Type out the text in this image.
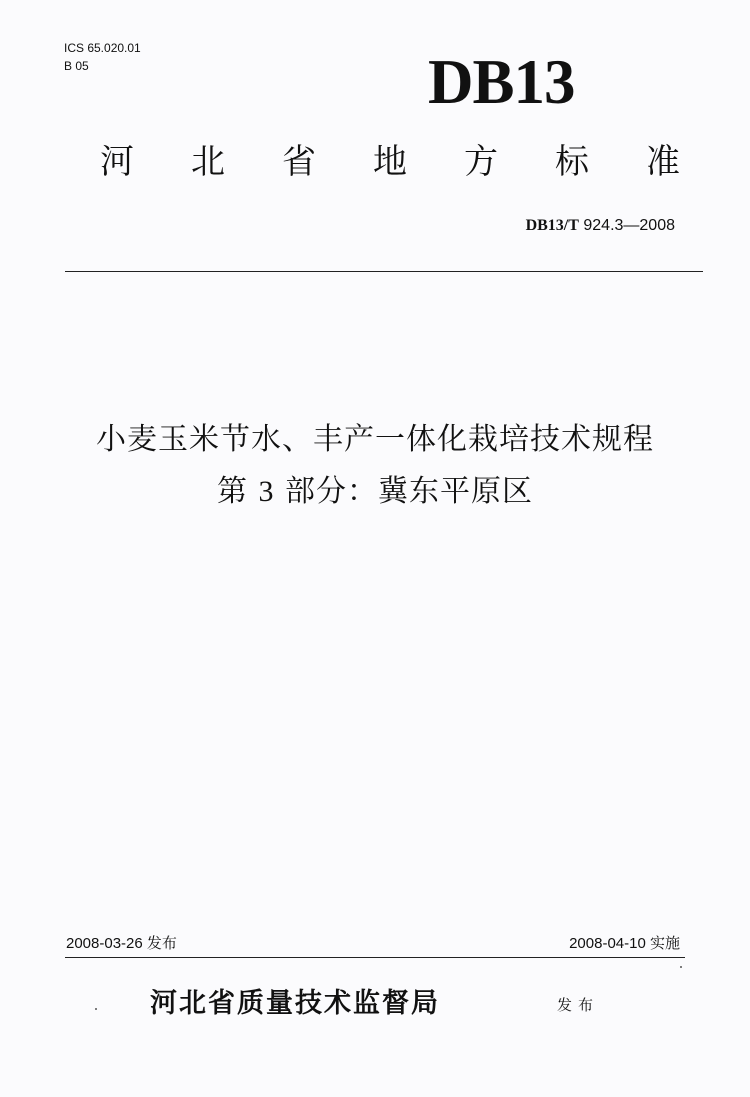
ICS 65.020.01
B 05	DB13
河 北 省 地 方 标 准
DB13/T 924.3—2008
小麦玉米节水、丰产一体化栽培技术规程
第 3 部分：冀东平原区
2008-03-26 发布	2008-04-10 实施
河北省质量技术监督局	发布
